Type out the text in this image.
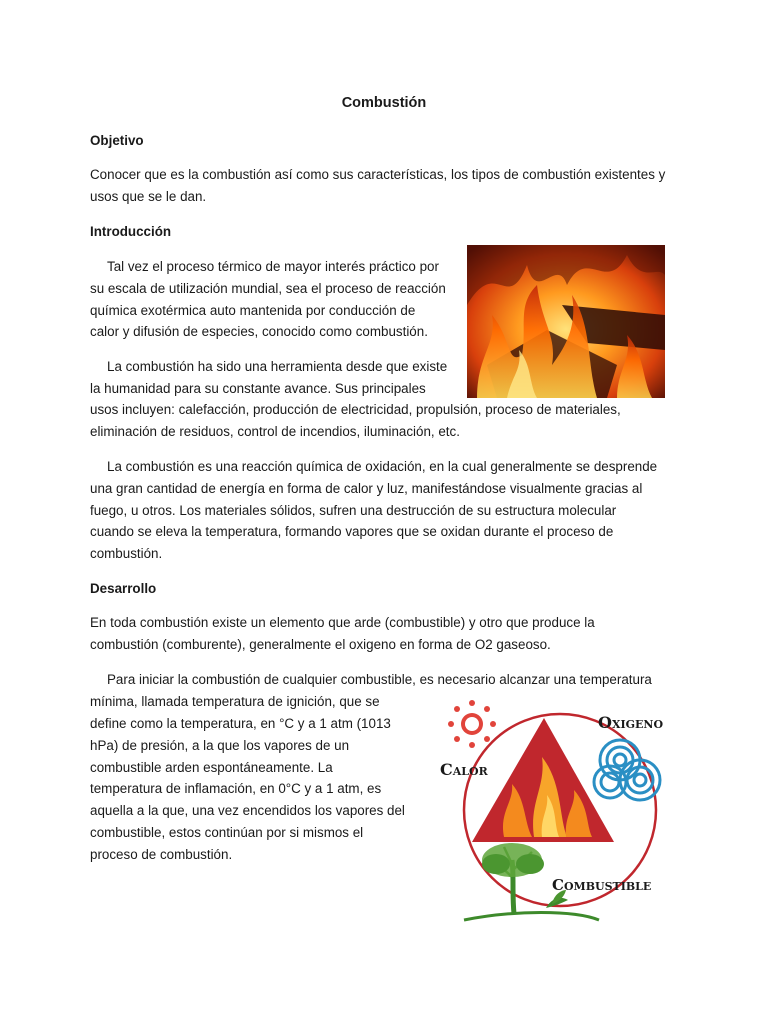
Combustión
Objetivo
Conocer que es la combustión así como sus características, los tipos de combustión existentes y
usos que se le dan.
Introducción
Tal vez el proceso térmico de mayor interés práctico por
su escala de utilización mundial, sea el proceso de reacción
química exotérmica auto mantenida por conducción de
calor y difusión de especies, conocido como combustión.
La combustión ha sido una herramienta desde que existe
la humanidad para su constante avance. Sus principales
usos incluyen: calefacción, producción de electricidad, propulsión, proceso de materiales,
eliminación de residuos, control de incendios, iluminación, etc.
La combustión es una reacción química de oxidación, en la cual generalmente se desprende
una gran cantidad de energía en forma de calor y luz, manifestándose visualmente gracias al
fuego, u otros. Los materiales sólidos, sufren una destrucción de su estructura molecular
cuando se eleva la temperatura, formando vapores que se oxidan durante el proceso de
combustión.
Desarrollo
En toda combustión existe un elemento que arde (combustible) y otro que produce la
combustión (comburente), generalmente el oxigeno en forma de O2 gaseoso.
Para iniciar la combustión de cualquier combustible, es necesario alcanzar una temperatura
mínima, llamada temperatura de ignición, que se
define como la temperatura, en °C y a 1 atm (1013
hPa) de presión, a la que los vapores de un
combustible arden espontáneamente. La
temperatura de inflamación, en 0°C y a 1 atm, es
aquella a la que, una vez encendidos los vapores del
combustible, estos continúan por si mismos el
proceso de combustión.
Calor
Oxigeno
Combustible
